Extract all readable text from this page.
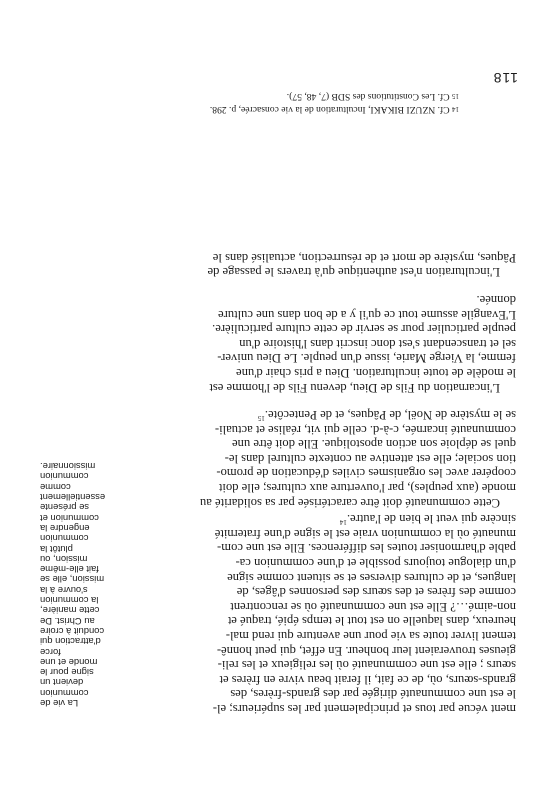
La vie de
communion
devient un
signe pour le
monde et une
force
d'attraction qui
conduit à croire
au Christ. De
cette manière,
la communion
s'ouvre à la
mission, elle se
fait elle-même
mission, ou
plutôt la
communion
engendre la
communion et
se présente
essentiellement
comme
communion
missionnaire.

ment vécue par tous et principalement par les supérieurs; el-
le est une communauté dirigée par des grands-frères, des
grands-sœurs, où, de ce fait, il ferait beau vivre en frères et
sœurs ; elle est une communauté où les religieux et les reli-
gieuses trouveraient leur bonheur. En effet, qui peut honnê-
tement livrer toute sa vie pour une aventure qui rend mal-
heureux, dans laquelle on est tout le temps épié, traqué et
non-aimé…? Elle est une communauté où se rencontrent
comme des frères et des sœurs des personnes d'âges, de
langues, et de cultures diverses et se situent comme signe
d'un dialogue toujours possible et d'une communion ca-
pable d'harmoniser toutes les différences. Elle est une com-
munauté où la communion vraie est le signe d'une fraternité
sincère qui veut le bien de l'autre.$^{14}$

Cette communauté doit être caractérisée par sa solidarité au
monde (aux peuples), par l'ouverture aux cultures; elle doit
coopérer avec les organismes civiles d'éducation de promo-
tion sociale; elle est attentive au contexte culturel dans le-
quel se déploie son action apostolique. Elle doit être une
communauté incarnée, c-à-d. celle qui vit, réalise et actuali-
se le mystère de Noël, de Pâques, et de Pentecôte.$^{15}$

L'incarnation du Fils de Dieu, devenu Fils de l'homme est
le modèle de toute inculturation. Dieu a pris chair d'une
femme, la Vierge Marie, issue d'un peuple. Le Dieu univer-
sel et transcendant s'est donc inscrit dans l'histoire d'un
peuple particulier pour se servir de cette culture particulière.
L'Evangile assume tout ce qu'il y a de bon dans une culture
donnée.

L'inculturation n'est authentique qu'à travers le passage de
Pâques, mystère de mort et de résurrection, actualisé dans le

14 Cf. NZUZI BIKAKI, Inculturation de la vie consacrée, p. 298.
15 Cf. Les Constitutions des SDB (7, 48, 57).
118
